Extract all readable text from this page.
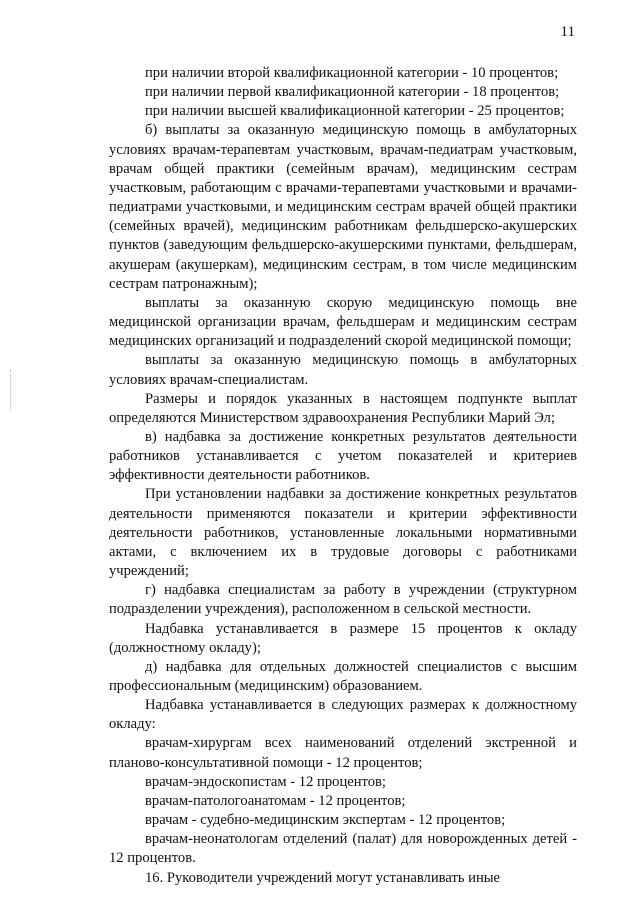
11

при наличии второй квалификационной категории - 10 процентов;

при наличии первой квалификационной категории - 18 процентов;

при наличии высшей квалификационной категории - 25 процентов;

б) выплаты за оказанную медицинскую помощь в амбулаторных условиях врачам-терапевтам участковым, врачам-педиатрам участковым, врачам общей практики (семейным врачам), медицинским сестрам участковым, работающим с врачами-терапевтами участковыми и врачами-педиатрами участковыми, и медицинским сестрам врачей общей практики (семейных врачей), медицинским работникам фельдшерско-акушерских пунктов (заведующим фельдшерско-акушерскими пунктами, фельдшерам, акушерам (акушеркам), медицинским сестрам, в том числе медицинским сестрам патронажным);

выплаты за оказанную скорую медицинскую помощь вне медицинской организации врачам, фельдшерам и медицинским сестрам медицинских организаций и подразделений скорой медицинской помощи;

выплаты за оказанную медицинскую помощь в амбулаторных условиях врачам-специалистам.

Размеры и порядок указанных в настоящем подпункте выплат определяются Министерством здравоохранения Республики Марий Эл;

в) надбавка за достижение конкретных результатов деятельности работников устанавливается с учетом показателей и критериев эффективности деятельности работников.

При установлении надбавки за достижение конкретных результатов деятельности применяются показатели и критерии эффективности деятельности работников, установленные локальными нормативными актами, с включением их в трудовые договоры с работниками учреждений;

г) надбавка специалистам за работу в учреждении (структурном подразделении учреждения), расположенном в сельской местности.

Надбавка устанавливается в размере 15 процентов к окладу (должностному окладу);

д) надбавка для отдельных должностей специалистов с высшим профессиональным (медицинским) образованием.

Надбавка устанавливается в следующих размерах к должностному окладу:

врачам-хирургам всех наименований отделений экстренной и планово-консультативной помощи - 12 процентов;

врачам-эндоскопистам - 12 процентов;

врачам-патологоанатомам - 12 процентов;

врачам - судебно-медицинским экспертам - 12 процентов;

врачам-неонатологам отделений (палат) для новорожденных детей - 12 процентов.

16. Руководители учреждений могут устанавливать иные
